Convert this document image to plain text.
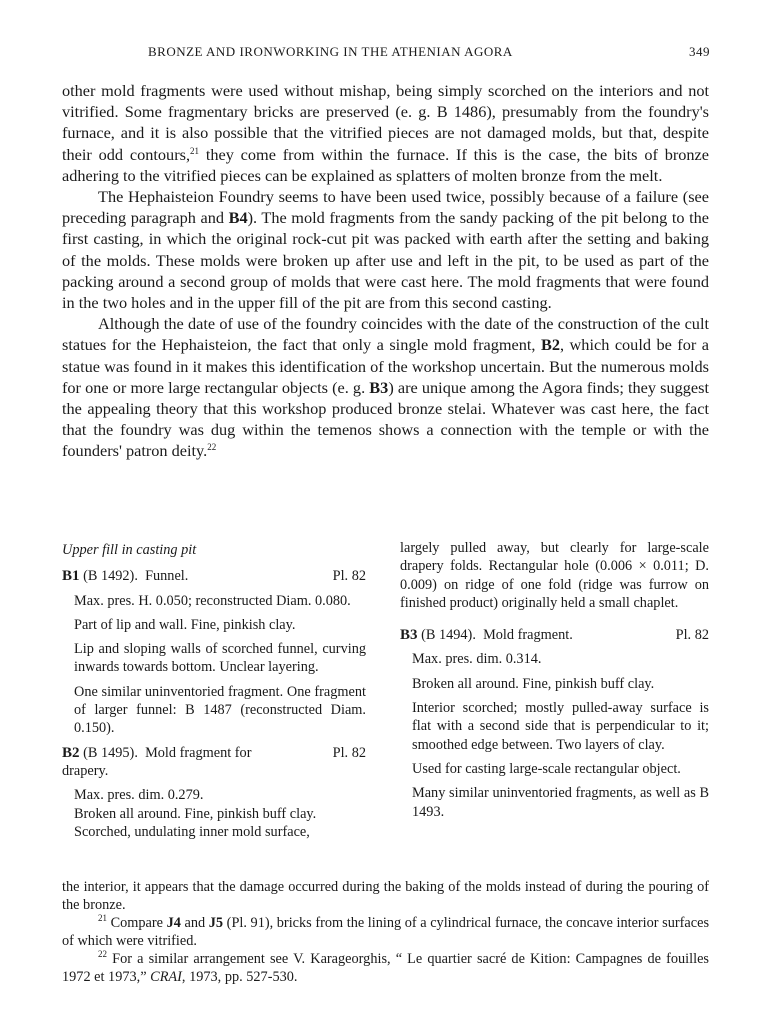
BRONZE AND IRONWORKING IN THE ATHENIAN AGORA	349

other mold fragments were used without mishap, being simply scorched on the interiors and not vitrified. Some fragmentary bricks are preserved (e. g. B 1486), presumably from the foundry's furnace, and it is also possible that the vitrified pieces are not damaged molds, but that, despite their odd contours,$^{21}$ they come from within the furnace. If this is the case, the bits of bronze adhering to the vitrified pieces can be explained as splatters of molten bronze from the melt.

The Hephaisteion Foundry seems to have been used twice, possibly because of a failure (see preceding paragraph and B4). The mold fragments from the sandy packing of the pit belong to the first casting, in which the original rock-cut pit was packed with earth after the setting and baking of the molds. These molds were broken up after use and left in the pit, to be used as part of the packing around a second group of molds that were cast here. The mold fragments that were found in the two holes and in the upper fill of the pit are from this second casting.

Although the date of use of the foundry coincides with the date of the construction of the cult statues for the Hephaisteion, the fact that only a single mold fragment, B2, which could be for a statue was found in it makes this identification of the workshop uncertain. But the numerous molds for one or more large rectangular objects (e. g. B3) are unique among the Agora finds; they suggest the appealing theory that this workshop produced bronze stelai. Whatever was cast here, the fact that the foundry was dug within the temenos shows a connection with the temple or with the founders' patron deity.$^{22}$

Upper fill in casting pit

B1 (B 1492). Funnel.	Pl. 82

Max. pres. H. 0.050; reconstructed Diam. 0.080.

Part of lip and wall. Fine, pinkish clay.

Lip and sloping walls of scorched funnel, curving inwards towards bottom. Unclear layering.

One similar uninventoried fragment. One fragment of larger funnel: B 1487 (reconstructed Diam. 0.150).

B2 (B 1495). Mold fragment for	Pl. 82

drapery.

Max. pres. dim. 0.279.

Broken all around. Fine, pinkish buff clay.

Scorched, undulating inner mold surface,

largely pulled away, but clearly for large-scale drapery folds. Rectangular hole (0.006 × 0.011; D. 0.009) on ridge of one fold (ridge was furrow on finished product) originally held a small chaplet.

B3 (B 1494). Mold fragment.	Pl. 82

Max. pres. dim. 0.314.

Broken all around. Fine, pinkish buff clay.

Interior scorched; mostly pulled-away surface is flat with a second side that is perpendicular to it; smoothed edge between. Two layers of clay.

Used for casting large-scale rectangular object.

Many similar uninventoried fragments, as well as B 1493.

the interior, it appears that the damage occurred during the baking of the molds instead of during the pouring of the bronze.

$^{21}$ Compare J4 and J5 (Pl. 91), bricks from the lining of a cylindrical furnace, the concave interior surfaces of which were vitrified.

$^{22}$ For a similar arrangement see V. Karageorghis, “ Le quartier sacré de Kition: Campagnes de fouilles 1972 et 1973,” CRAI, 1973, pp. 527-530.
